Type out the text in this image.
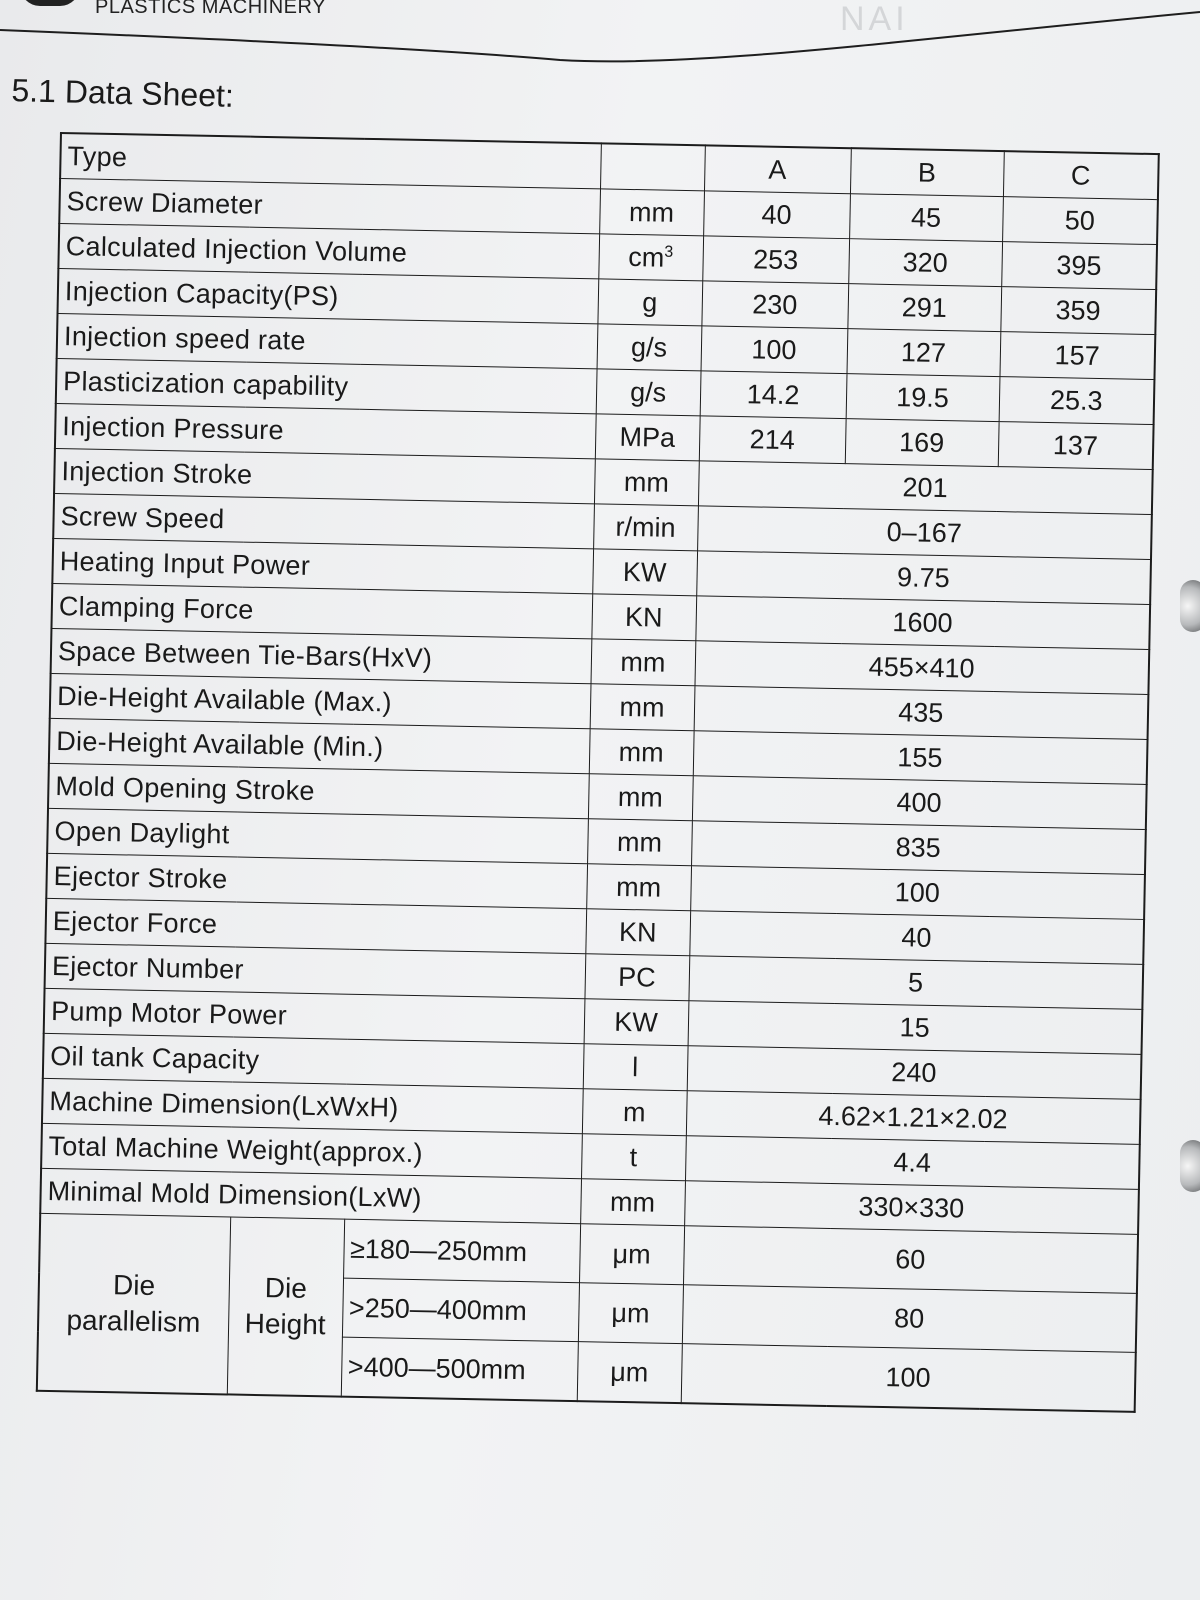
PLASTICS MACHINERY	NAI
5.1 Data Sheet:
Type				A	B	C
Screw Diameter			mm	40	45	50
Calculated Injection Volume			$cm^3$	253	320	395
Injection Capacity(PS)			g	230	291	359
Injection speed rate			g/s	100	127	157
Plasticization capability			g/s	14.2	19.5	25.3
Injection Pressure			MPa	214	169	137
Injection Stroke			mm	201		
Screw Speed			r/min	0–167		
Heating Input Power			KW	9.75		
Clamping Force			KN	1600		
Space Between Tie-Bars(HxV)			mm	455×410		
Die-Height Available (Max.)			mm	435		
Die-Height Available (Min.)			mm	155		
Mold Opening Stroke			mm	400		
Open Daylight			mm	835		
Ejector Stroke			mm	100		
Ejector Force			KN	40		
Ejector Number			PC	5		
Pump Motor Power			KW	15		
Oil tank Capacity			l	240		
Machine Dimension(LxWxH)			m	4.62×1.21×2.02		
Total Machine Weight(approx.)			t	4.4		
Minimal Mold Dimension(LxW)			mm	330×330		
Die parallelism	Die Height	≥180—250mm	μm	60		
		>250—400mm	μm	80		
		>400—500mm	μm	100		
